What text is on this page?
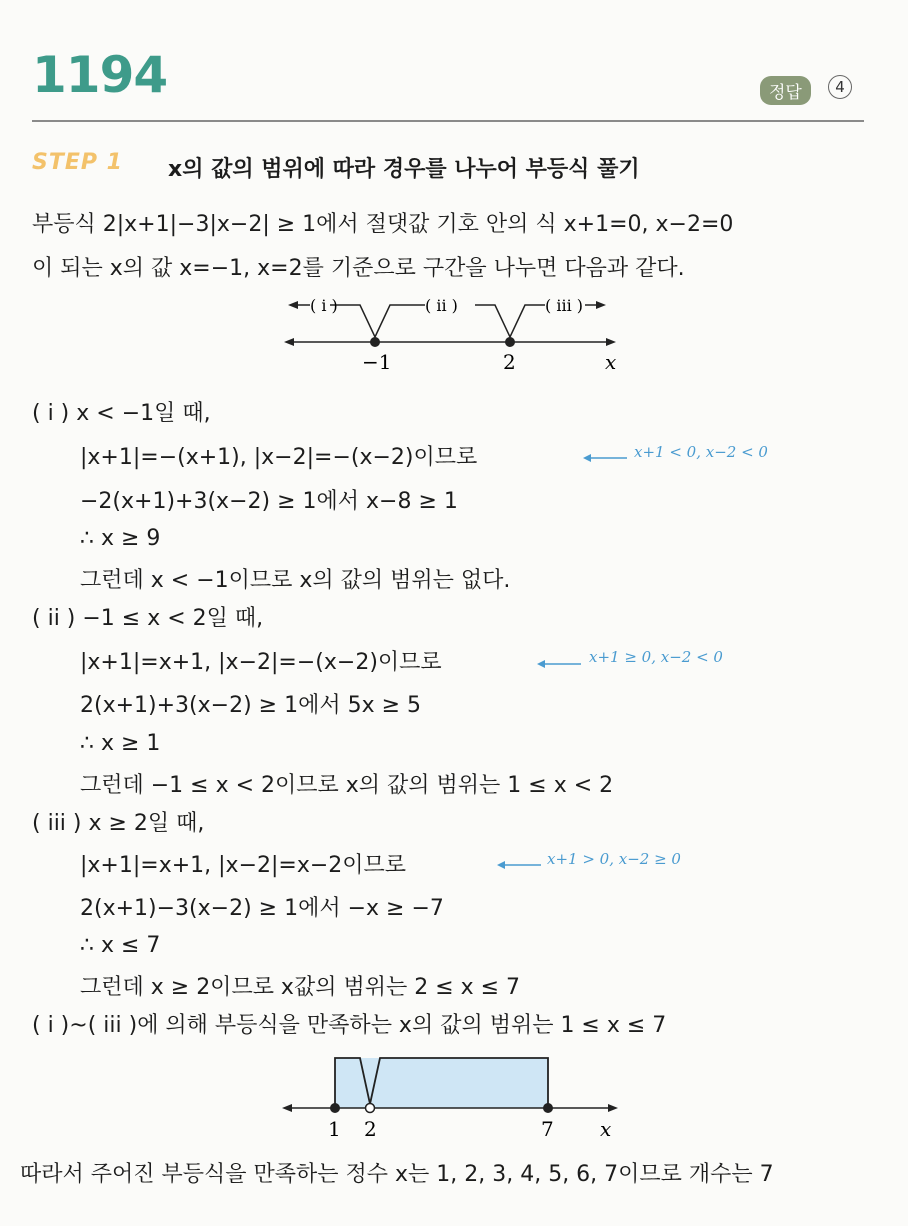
1194	정답	4
STEP 1 x의 값의 범위에 따라 경우를 나누어 부등식 풀기
부등식 2|x+1|−3|x−2| ≥ 1에서 절댓값 기호 안의 식 x+1=0, x−2=0
이 되는 x의 값 x=−1, x=2를 기준으로 구간을 나누면 다음과 같다.
( i )	( ii )	( iii )
−1	2	x
( i ) x < −1일 때,
|x+1|=−(x+1), |x−2|=−(x−2)이므로	x+1 < 0, x−2 < 0
−2(x+1)+3(x−2) ≥ 1에서 x−8 ≥ 1
∴ x ≥ 9
그런데 x < −1이므로 x의 값의 범위는 없다.
( ii ) −1 ≤ x < 2일 때,
|x+1|=x+1, |x−2|=−(x−2)이므로	x+1 ≥ 0, x−2 < 0
2(x+1)+3(x−2) ≥ 1에서 5x ≥ 5
∴ x ≥ 1
그런데 −1 ≤ x < 2이므로 x의 값의 범위는 1 ≤ x < 2
( iii ) x ≥ 2일 때,
|x+1|=x+1, |x−2|=x−2이므로	x+1 > 0, x−2 ≥ 0
2(x+1)−3(x−2) ≥ 1에서 −x ≥ −7
∴ x ≤ 7
그런데 x ≥ 2이므로 x값의 범위는 2 ≤ x ≤ 7
( i )~( iii )에 의해 부등식을 만족하는 x의 값의 범위는 1 ≤ x ≤ 7
1 2	7 x
따라서 주어진 부등식을 만족하는 정수 x는 1, 2, 3, 4, 5, 6, 7이므로 개수는 7
